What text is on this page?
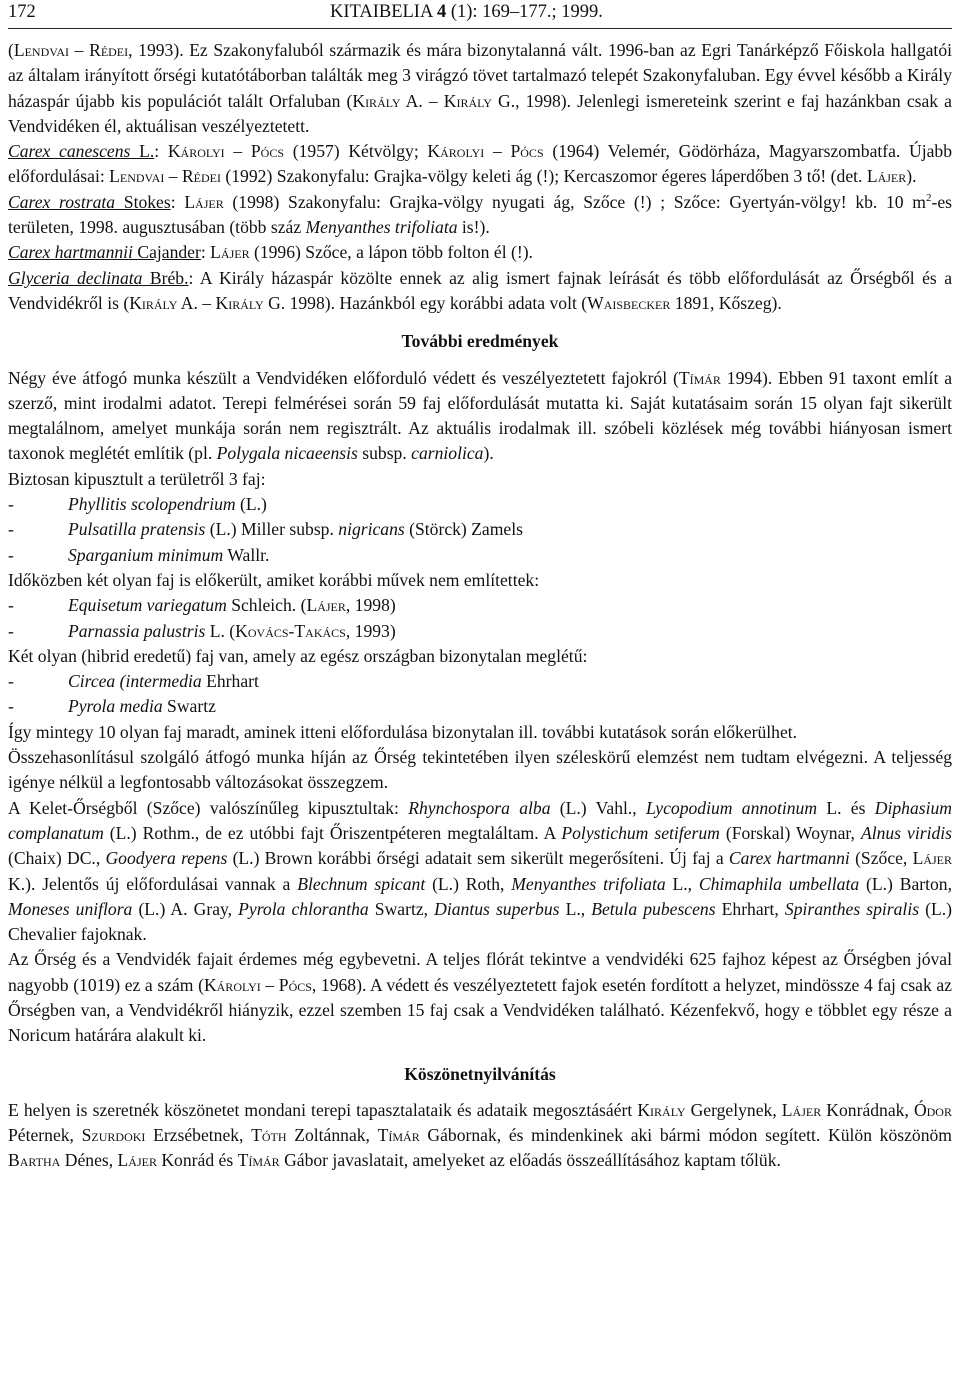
172	KITAIBELIA 4 (1): 169–177.; 1999.

(Lendvai – Rédei, 1993). Ez Szakonyfaluból származik és mára bizonytalanná vált. 1996-ban az Egri Tanárképző Főiskola hallgatói az általam irányított őrségi kutatótáborban találták meg 3 virágzó tövet tartalmazó telepét Szakonyfaluban. Egy évvel később a Király házaspár újabb kis populációt talált Orfaluban (Király A. – Király G., 1998). Jelenlegi ismereteink szerint e faj hazánkban csak a Vendvidéken él, aktuálisan veszélyeztetett.

Carex canescens L.: Károlyi – Pócs (1957) Kétvölgy; Károlyi – Pócs (1964) Velemér, Gödörháza, Magyarszombatfa. Újabb előfordulásai: Lendvai – Rédei (1992) Szakonyfalu: Grajka-völgy keleti ág (!); Kercaszomor égeres láperdőben 3 tő! (det. Lájer).

Carex rostrata Stokes: Lájer (1998) Szakonyfalu: Grajka-völgy nyugati ág, Szőce (!) ; Szőce: Gyertyán-völgy! kb. 10 $m^2-es$ területen, 1998. augusztusában (több száz Menyanthes trifoliata is!).

Carex hartmannii Cajander: Lájer (1996) Szőce, a lápon több folton él (!).

Glyceria declinata Bréb.: A Király házaspár közölte ennek az alig ismert fajnak leírását és több előfordulását az Őrségből és a Vendvidékről is (Király A. – Király G. 1998). Hazánkból egy korábbi adata volt (Waisbecker 1891, Kőszeg).

További eredmények

Négy éve átfogó munka készült a Vendvidéken előforduló védett és veszélyeztetett fajokról (Tímár 1994). Ebben 91 taxont említ a szerző, mint irodalmi adatot. Terepi felmérései során 59 faj előfordulását mutatta ki. Saját kutatásaim során 15 olyan fajt sikerült megtalálnom, amelyet munkája során nem regisztrált. Az aktuális irodalmak ill. szóbeli közlések még további hiányosan ismert taxonok meglétét említik (pl. Polygala nicaeensis subsp. carniolica).

Biztosan kipusztult a területről 3 faj:

-	Phyllitis scolopendrium (L.)
-	Pulsatilla pratensis (L.) Miller subsp. nigricans (Störck) Zamels
-	Sparganium minimum Wallr.

Időközben két olyan faj is előkerült, amiket korábbi művek nem említettek:

-	Equisetum variegatum Schleich. (Lájer, 1998)
-	Parnassia palustris L. (Kovács-Takács, 1993)

Két olyan (hibrid eredetű) faj van, amely az egész országban bizonytalan meglétű:

-	Circea (intermedia Ehrhart
-	Pyrola media Swartz

Így mintegy 10 olyan faj maradt, aminek itteni előfordulása bizonytalan ill. további kutatások során előkerülhet.

Összehasonlításul szolgáló átfogó munka híján az Őrség tekintetében ilyen széleskörű elemzést nem tudtam elvégezni. A teljesség igénye nélkül a legfontosabb változásokat összegzem.

A Kelet-Őrségből (Szőce) valószínűleg kipusztultak: Rhynchospora alba (L.) Vahl., Lycopodium annotinum L. és Diphasium complanatum (L.) Rothm., de ez utóbbi fajt Őriszentpéteren megtaláltam. A Polystichum setiferum (Forskal) Woynar, Alnus viridis (Chaix) DC., Goodyera repens (L.) Brown korábbi őrségi adatait sem sikerült megerősíteni. Új faj a Carex hartmanni (Szőce, Lájer K.). Jelentős új előfordulásai vannak a Blechnum spicant (L.) Roth, Menyanthes trifoliata L., Chimaphila umbellata (L.) Barton, Moneses uniflora (L.) A. Gray, Pyrola chlorantha Swartz, Diantus superbus L., Betula pubescens Ehrhart, Spiranthes spiralis (L.) Chevalier fajoknak.

Az Őrség és a Vendvidék fajait érdemes még egybevetni. A teljes flórát tekintve a vendvidéki 625 fajhoz képest az Őrségben jóval nagyobb (1019) ez a szám (Károlyi – Pócs, 1968). A védett és veszélyeztetett fajok esetén fordított a helyzet, mindössze 4 faj csak az Őrségben van, a Vendvidékről hiányzik, ezzel szemben 15 faj csak a Vendvidéken található. Kézenfekvő, hogy e többlet egy része a Noricum határára alakult ki.

Köszönetnyilvánítás

E helyen is szeretnék köszönetet mondani terepi tapasztalataik és adataik megosztásáért Király Gergelynek, Lájer Konrádnak, Ódor Péternek, Szurdoki Erzsébetnek, Tóth Zoltánnak, Tímár Gábornak, és mindenkinek aki bármi módon segített. Külön köszönöm Bartha Dénes, Lájer Konrád és Tímár Gábor javaslatait, amelyeket az előadás összeállításához kaptam tőlük.
